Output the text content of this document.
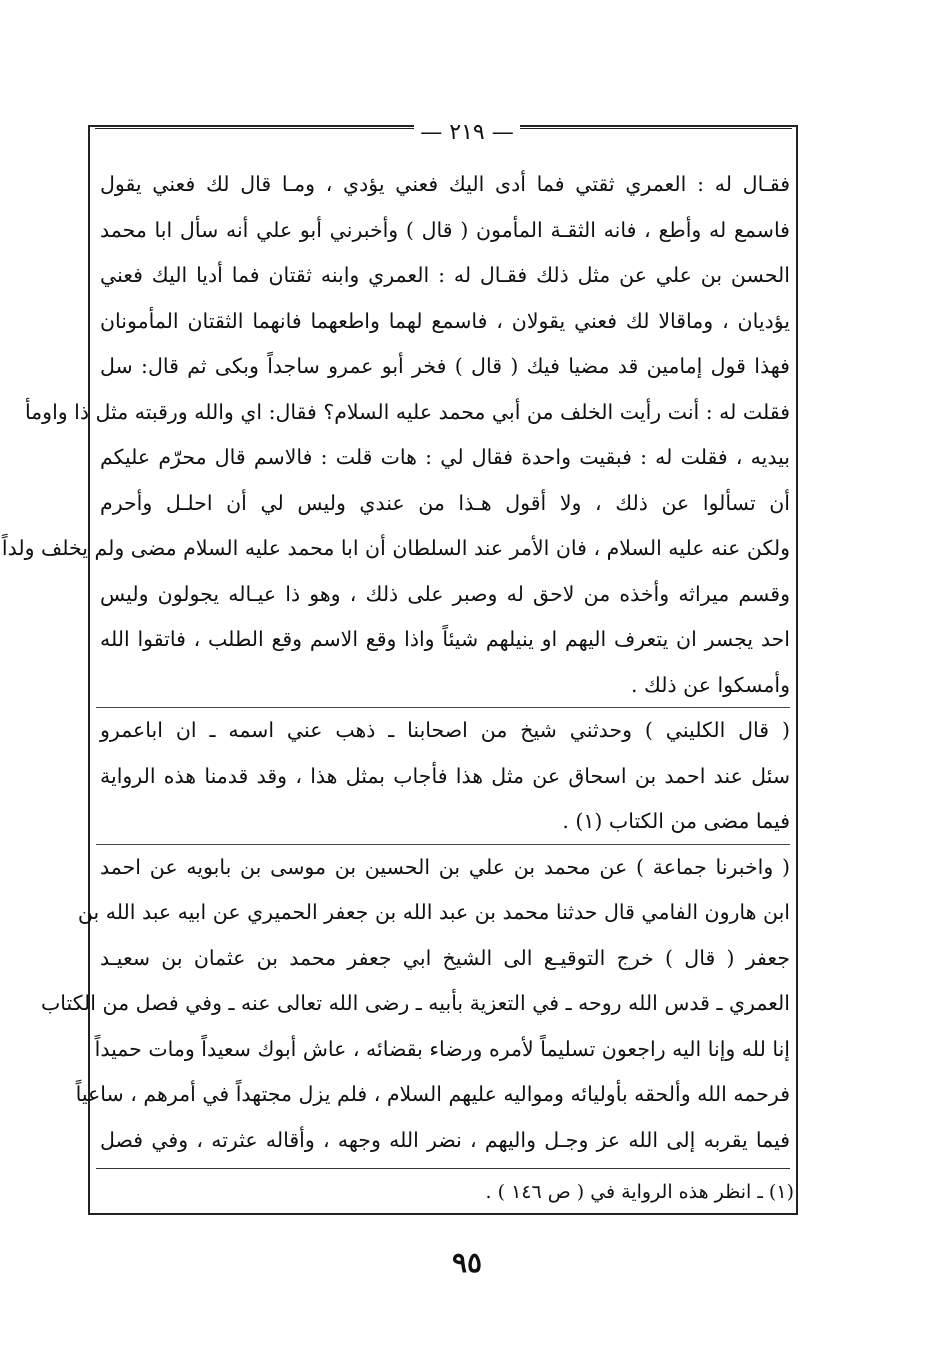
— ٢١٩ —
فقـال له : العمري ثقتي فما أدى اليك فعني يؤدي ، ومـا قال لك فعني يقول
فاسمع له وأطع ، فانه الثقـة المأمون ( قال ) وأخبرني أبو علي أنه سأل ابا محمد
الحسن بن علي عن مثل ذلك فقـال له : العمري وابنه ثقتان فما أديا اليك فعني
يؤديان ، وماقالا لك فعني يقولان ، فاسمع لهما واطعهما فانهما الثقتان المأمونان
فهذا قول إمامين قد مضيا فيك ( قال ) فخر أبو عمرو ساجداً وبكى ثم قال: سل
فقلت له : أنت رأيت الخلف من أبي محمد عليه السلام؟ فقال: اي والله ورقبته مثل ذا واومأ
بيديه ، فقلت له : فبقيت واحدة فقال لي : هات قلت : فالاسم قال محرّم عليكم
أن تسألوا عن ذلك ، ولا أقول هـذا من عندي وليس لي أن احلـل وأحرم
ولكن عنه عليه السلام ، فان الأمر عند السلطان أن ابا محمد عليه السلام مضى ولم يخلف ولداً
وقسم ميراثه وأخذه من لاحق له وصبر على ذلك ، وهو ذا عيـاله يجولون وليس
احد يجسر ان يتعرف اليهم او ينيلهم شيئاً واذا وقع الاسم وقع الطلب ، فاتقوا الله
وأمسكوا عن ذلك .
( قال الكليني ) وحدثني شيخ من اصحابنا ـ ذهب عني اسمه ـ ان اباعمرو
سئل عند احمد بن اسحاق عن مثل هذا فأجاب بمثل هذا ، وقد قدمنا هذه الرواية
فيما مضى من الكتاب (١) .
( واخبرنا جماعة ) عن محمد بن علي بن الحسين بن موسى بن بابويه عن احمد
ابن هارون الفامي قال حدثنا محمد بن عبد الله بن جعفر الحميري عن ابيه عبد الله بن
جعفر ( قال ) خرج التوقيـع الى الشيخ ابي جعفر محمد بن عثمان بن سعيـد
العمري ـ قدس الله روحه ـ في التعزية بأبيه ـ رضى الله تعالى عنه ـ وفي فصل من الكتاب
إنا لله وإنا اليه راجعون تسليماً لأمره ورضاء بقضائه ، عاش أبوك سعيداً ومات حميداً
فرحمه الله وألحقه بأوليائه ومواليه عليهم السلام ، فلم يزل مجتهداً في أمرهم ، ساعياً
فيما يقربه إلى الله عز وجـل واليهم ، نضر الله وجهه ، وأقاله عثرته ، وفي فصل
(١) ـ انظر هذه الرواية في ( ص ١٤٦ ) .
٩٥
